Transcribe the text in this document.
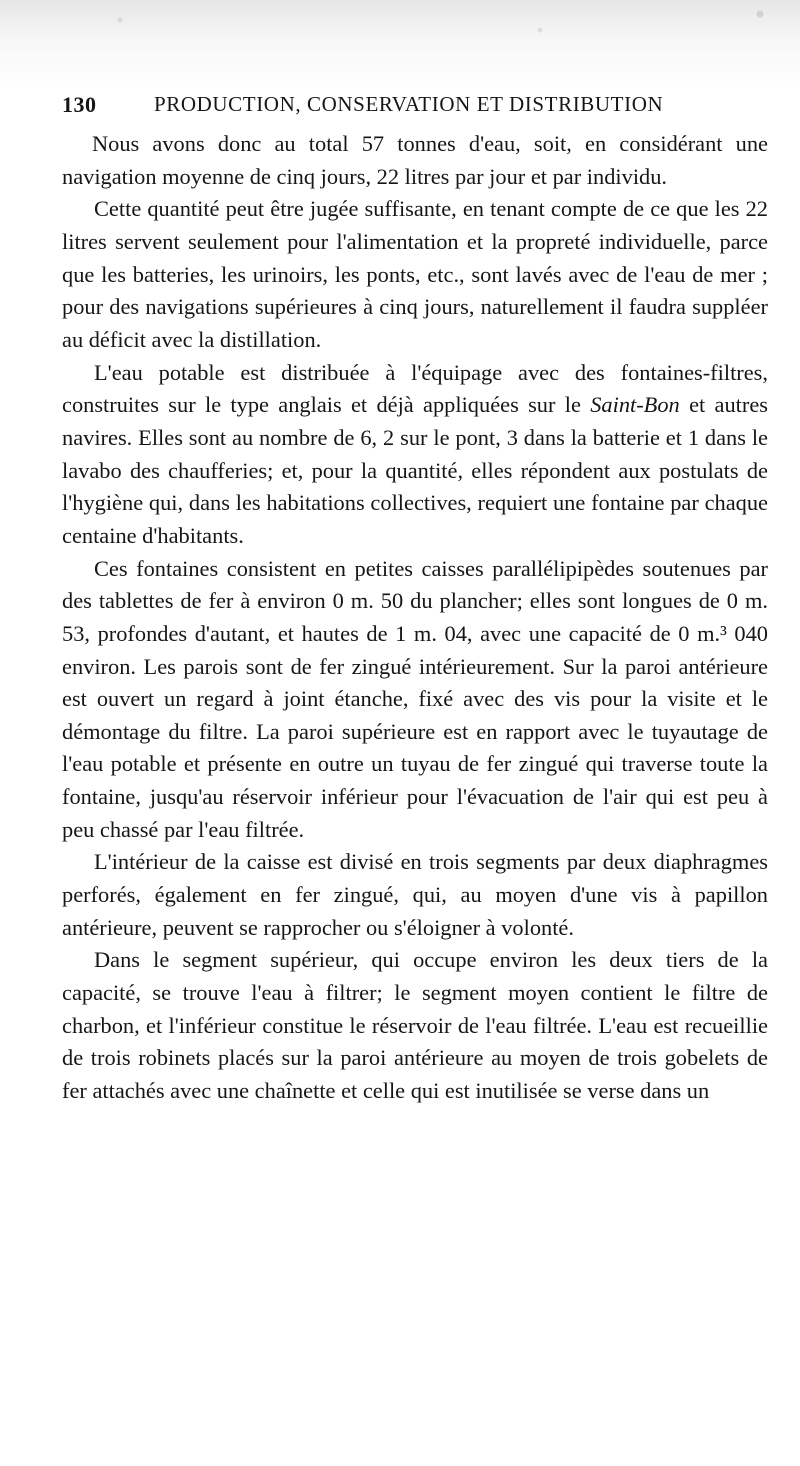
130	PRODUCTION, CONSERVATION ET DISTRIBUTION

Nous avons donc au total 57 tonnes d'eau, soit, en considérant une navigation moyenne de cinq jours, 22 litres par jour et par individu.

Cette quantité peut être jugée suffisante, en tenant compte de ce que les 22 litres servent seulement pour l'alimentation et la propreté individuelle, parce que les batteries, les urinoirs, les ponts, etc., sont lavés avec de l'eau de mer ; pour des navigations supérieures à cinq jours, naturellement il faudra suppléer au déficit avec la distillation.

L'eau potable est distribuée à l'équipage avec des fontaines-filtres, construites sur le type anglais et déjà appliquées sur le Saint-Bon et autres navires. Elles sont au nombre de 6, 2 sur le pont, 3 dans la batterie et 1 dans le lavabo des chaufferies; et, pour la quantité, elles répondent aux postulats de l'hygiène qui, dans les habitations collectives, requiert une fontaine par chaque centaine d'habitants.

Ces fontaines consistent en petites caisses parallélipipèdes soutenues par des tablettes de fer à environ 0 m. 50 du plancher; elles sont longues de 0 m. 53, profondes d'autant, et hautes de 1 m. 04, avec une capacité de 0 m.³ 040 environ. Les parois sont de fer zingué intérieurement. Sur la paroi antérieure est ouvert un regard à joint étanche, fixé avec des vis pour la visite et le démontage du filtre. La paroi supérieure est en rapport avec le tuyautage de l'eau potable et présente en outre un tuyau de fer zingué qui traverse toute la fontaine, jusqu'au réservoir inférieur pour l'évacuation de l'air qui est peu à peu chassé par l'eau filtrée.

L'intérieur de la caisse est divisé en trois segments par deux diaphragmes perforés, également en fer zingué, qui, au moyen d'une vis à papillon antérieure, peuvent se rapprocher ou s'éloigner à volonté.

Dans le segment supérieur, qui occupe environ les deux tiers de la capacité, se trouve l'eau à filtrer; le segment moyen contient le filtre de charbon, et l'inférieur constitue le réservoir de l'eau filtrée. L'eau est recueillie de trois robinets placés sur la paroi antérieure au moyen de trois gobelets de fer attachés avec une chaînette et celle qui est inutilisée se verse dans un
